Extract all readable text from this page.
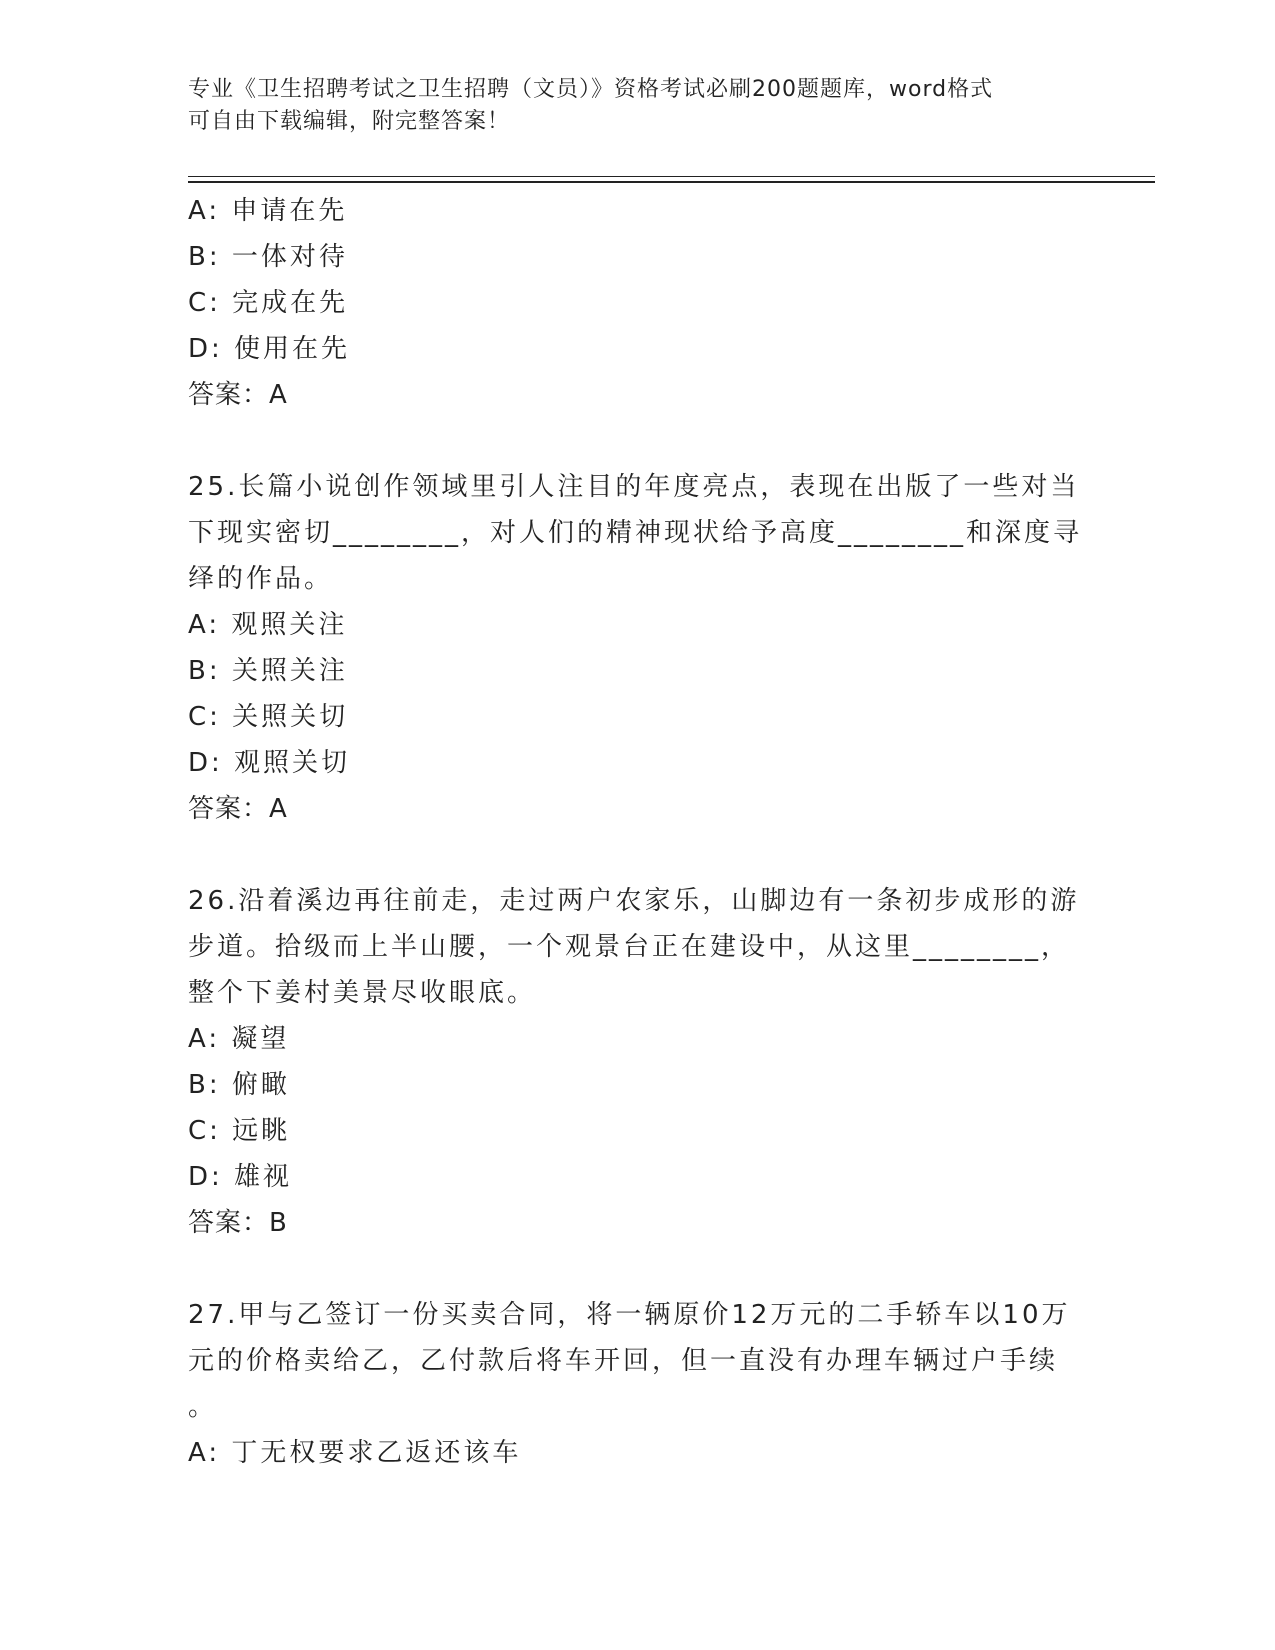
专业《卫生招聘考试之卫生招聘（文员）》资格考试必刷200题题库，word格式
可自由下载编辑，附完整答案！
A: 申请在先
B: 一体对待
C: 完成在先
D: 使用在先
答案：A
25.长篇小说创作领域里引人注目的年度亮点，表现在出版了一些对当
下现实密切________，对人们的精神现状给予高度________和深度寻
绎的作品。
A: 观照关注
B: 关照关注
C: 关照关切
D: 观照关切
答案：A
26.沿着溪边再往前走，走过两户农家乐，山脚边有一条初步成形的游
步道。拾级而上半山腰，一个观景台正在建设中，从这里________，
整个下姜村美景尽收眼底。
A: 凝望
B: 俯瞰
C: 远眺
D: 雄视
答案：B
27.甲与乙签订一份买卖合同，将一辆原价12万元的二手轿车以10万
元的价格卖给乙，乙付款后将车开回，但一直没有办理车辆过户手续
。
A: 丁无权要求乙返还该车
